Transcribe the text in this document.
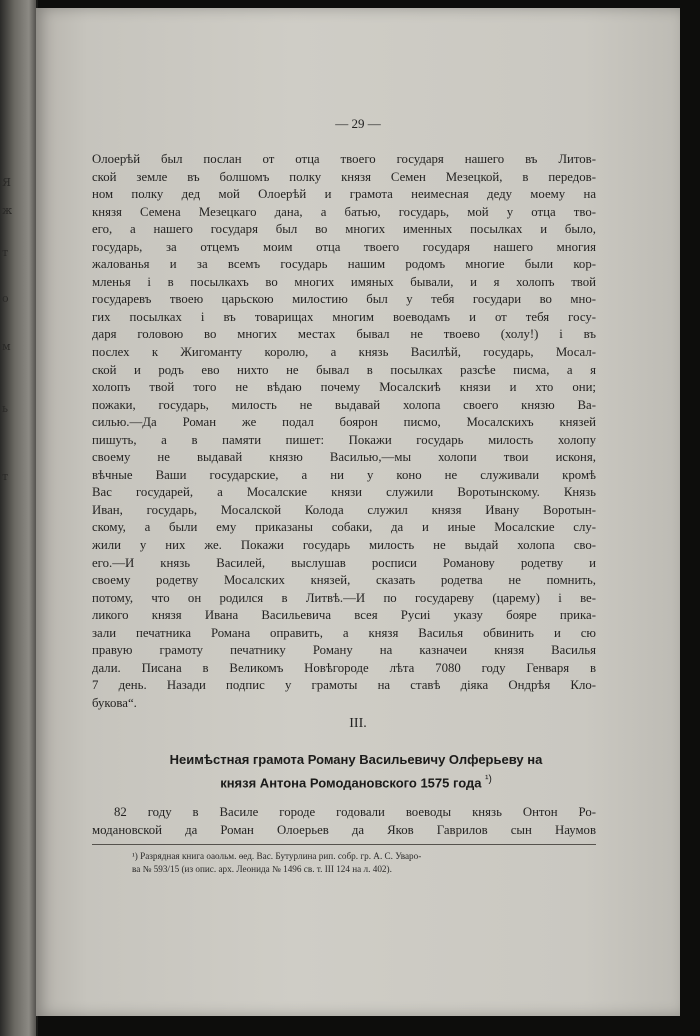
Я
ж
т
о
м
ь
т
— 29 —
Олоерѣй был послан от отца твоего государя нашего въ Литов-
ской земле въ болшомъ полку князя Семен Мезецкой, в передов-
ном полку дед мой Олоерѣй и грамота неимесная деду моему на
князя Семена Мезецкаго дана, а батью, государь, мой у отца тво-
его, а нашего государя был во многих именных посылках и было,
государь, за отцемъ моим отца твоего государя нашего многия
жалованья и за всемъ государь нашим родомъ многие были кор-
мленья і в посылкахъ во многих имяных бывали, и я холопъ твой
государевъ твоею царьскою милостию был у тебя государи во мно-
гих посылках і въ товарищах многим воеводамъ и от тебя госу-
даря головою во многих местах бывал не твоево (холу!) і въ
послех к Жигоманту королю, а князь Василѣй, государь, Мосал-
ской и родъ ево нихто не бывал в посылках разсѣе писма, а я
холопъ твой того не вѣдаю почему Мосалскиѣ князи и хто они;
пожаки, государь, милость не выдавай холопа своего князю Ва-
силью.—Да Роман же подал боярон писмо, Мосалскихъ князей
пишуть, а в памяти пишет: Покажи государь милость холопу
своему не выдавай князю Василью,—мы холопи твои исконя,
вѣчные Ваши государские, а ни у коно не служивали кромѣ
Вас государей, а Мосалские князи служили Воротынскому. Князь
Иван, государь, Мосалской Колода служил князя Ивану Воротын-
скому, а были ему приказаны собаки, да и иные Мосалские слу-
жили у них же. Покажи государь милость не выдай холопа сво-
его.—И князь Василей, выслушав росписи Романову родетву и
своему родетву Мосалских князей, сказать родетва не помнить,
потому, что он родился в Литвѣ.—И по государеву (царему) і ве-
ликого князя Ивана Васильевича всея Русиі указу бояре прика-
зали печатника Романа оправить, а князя Василья обвинить и сю
правую грамоту печатнику Роману на казначеи князя Василья
дали. Писана в Великомъ Новѣгороде лѣта 7080 году Генваря в
7 день. Назади подпис у грамоты на ставѣ дiяка Ондрѣя Кло-
букова“.
III.
Неимѣстная грамота Роману Васильевичу Олферьеву на
князя Антона Ромодановского 1575 года $^{^1)}$
82 году в Василе городе годовали воеводы князь Онтон Ро-
модановской да Роман Олоерьев да Яков Гаврилов сын Наумов
¹) Разрядная книга оаольм. ѳед. Вас. Бутурлина рип. собр. гр. А. С. Уваро-
ва № 593/15 (из опис. арх. Леонида № 1496 св. т. III 124 на л. 402).
